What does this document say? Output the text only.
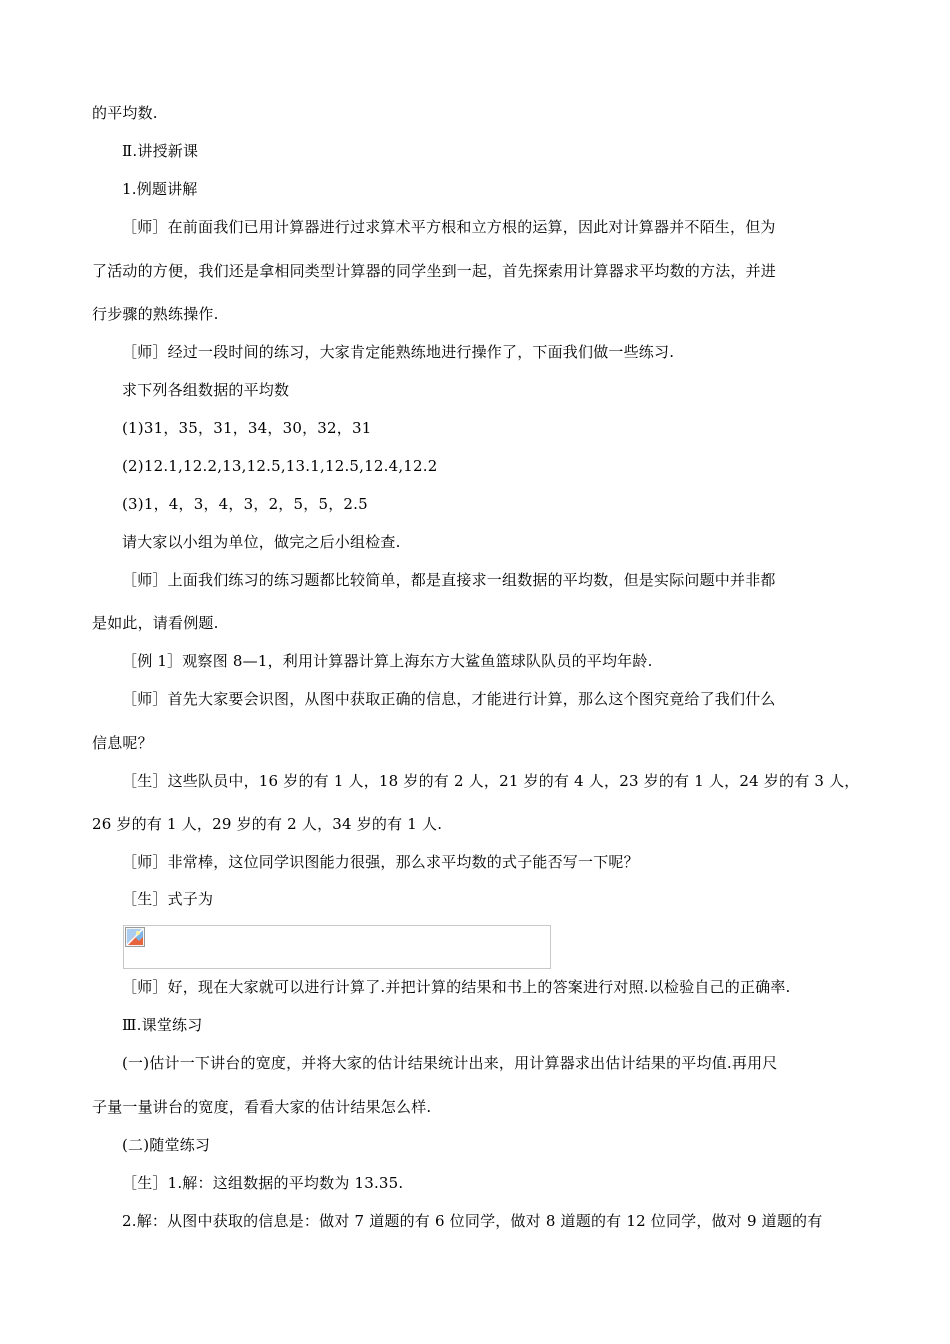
的平均数.
Ⅱ.讲授新课
1.例题讲解
［师］在前面我们已用计算器进行过求算术平方根和立方根的运算，因此对计算器并不陌生，但为
了活动的方便，我们还是拿相同类型计算器的同学坐到一起，首先探索用计算器求平均数的方法，并进
行步骤的熟练操作.
［师］经过一段时间的练习，大家肯定能熟练地进行操作了，下面我们做一些练习.
求下列各组数据的平均数
(1)31，35，31，34，30，32，31
(2)12.1,12.2,13,12.5,13.1,12.5,12.4,12.2
(3)1，4，3，4，3，2，5，5，2.5
请大家以小组为单位，做完之后小组检查.
［师］上面我们练习的练习题都比较简单，都是直接求一组数据的平均数，但是实际问题中并非都
是如此，请看例题.
［例 1］观察图 8—1，利用计算器计算上海东方大鲨鱼篮球队队员的平均年龄.
［师］首先大家要会识图，从图中获取正确的信息，才能进行计算，那么这个图究竟给了我们什么
信息呢？
［生］这些队员中，16 岁的有 1 人，18 岁的有 2 人，21 岁的有 4 人，23 岁的有 1 人，24 岁的有 3 人，
26 岁的有 1 人，29 岁的有 2 人，34 岁的有 1 人.
［师］非常棒，这位同学识图能力很强，那么求平均数的式子能否写一下呢？
［生］式子为
［师］好，现在大家就可以进行计算了.并把计算的结果和书上的答案进行对照.以检验自己的正确率.
Ⅲ.课堂练习
(一)估计一下讲台的宽度，并将大家的估计结果统计出来，用计算器求出估计结果的平均值.再用尺
子量一量讲台的宽度，看看大家的估计结果怎么样.
(二)随堂练习
［生］1.解：这组数据的平均数为 13.35.
2.解：从图中获取的信息是：做对 7 道题的有 6 位同学，做对 8 道题的有 12 位同学，做对 9 道题的有
